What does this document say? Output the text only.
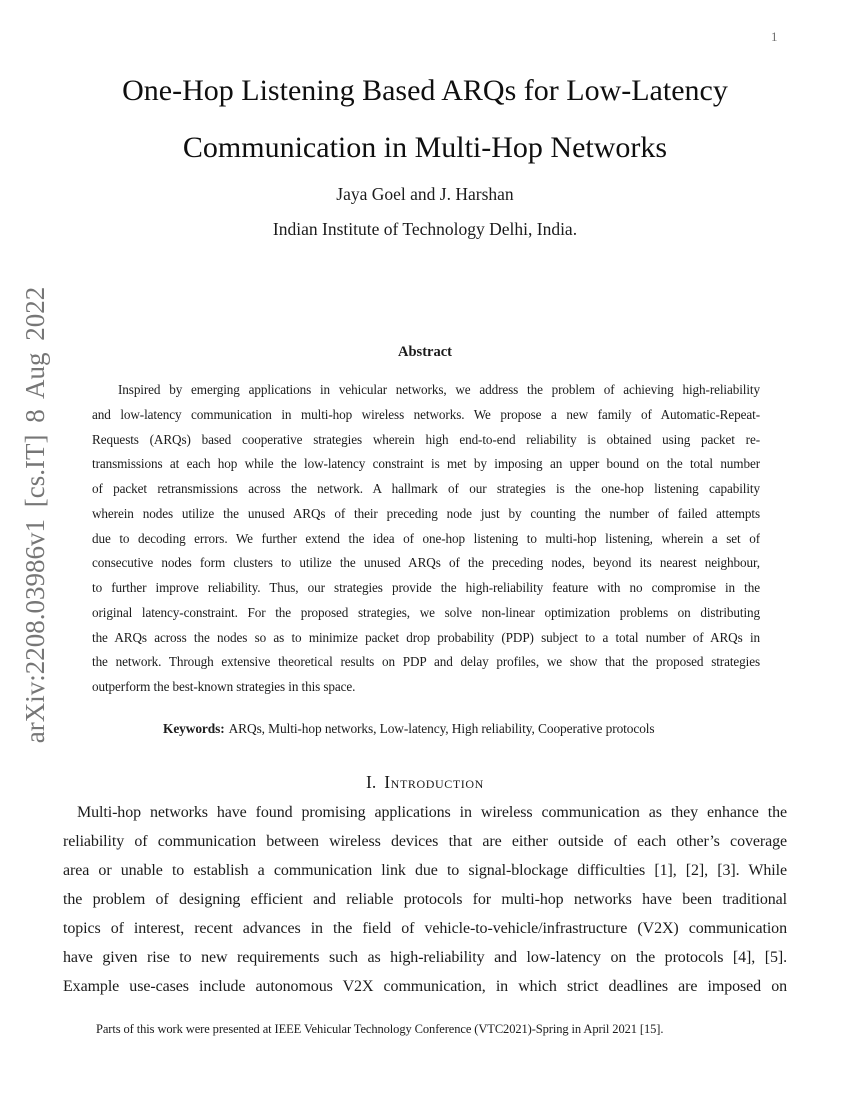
1
arXiv:2208.03986v1 [cs.IT] 8 Aug 2022
One-Hop Listening Based ARQs for Low-Latency
Communication in Multi-Hop Networks
Jaya Goel and J. Harshan
Indian Institute of Technology Delhi, India.
Abstract
Inspired by emerging applications in vehicular networks, we address the problem of achieving high-reliability
and low-latency communication in multi-hop wireless networks. We propose a new family of Automatic-Repeat-
Requests (ARQs) based cooperative strategies wherein high end-to-end reliability is obtained using packet re-
transmissions at each hop while the low-latency constraint is met by imposing an upper bound on the total number
of packet retransmissions across the network. A hallmark of our strategies is the one-hop listening capability
wherein nodes utilize the unused ARQs of their preceding node just by counting the number of failed attempts
due to decoding errors. We further extend the idea of one-hop listening to multi-hop listening, wherein a set of
consecutive nodes form clusters to utilize the unused ARQs of the preceding nodes, beyond its nearest neighbour,
to further improve reliability. Thus, our strategies provide the high-reliability feature with no compromise in the
original latency-constraint. For the proposed strategies, we solve non-linear optimization problems on distributing
the ARQs across the nodes so as to minimize packet drop probability (PDP) subject to a total number of ARQs in
the network. Through extensive theoretical results on PDP and delay profiles, we show that the proposed strategies
outperform the best-known strategies in this space.
Keywords: ARQs, Multi-hop networks, Low-latency, High reliability, Cooperative protocols
I. Introduction
Multi-hop networks have found promising applications in wireless communication as they enhance the
reliability of communication between wireless devices that are either outside of each other’s coverage
area or unable to establish a communication link due to signal-blockage difficulties [1], [2], [3]. While
the problem of designing efficient and reliable protocols for multi-hop networks have been traditional
topics of interest, recent advances in the field of vehicle-to-vehicle/infrastructure (V2X) communication
have given rise to new requirements such as high-reliability and low-latency on the protocols [4], [5].
Example use-cases include autonomous V2X communication, in which strict deadlines are imposed on
Parts of this work were presented at IEEE Vehicular Technology Conference (VTC2021)-Spring in April 2021 [15].
